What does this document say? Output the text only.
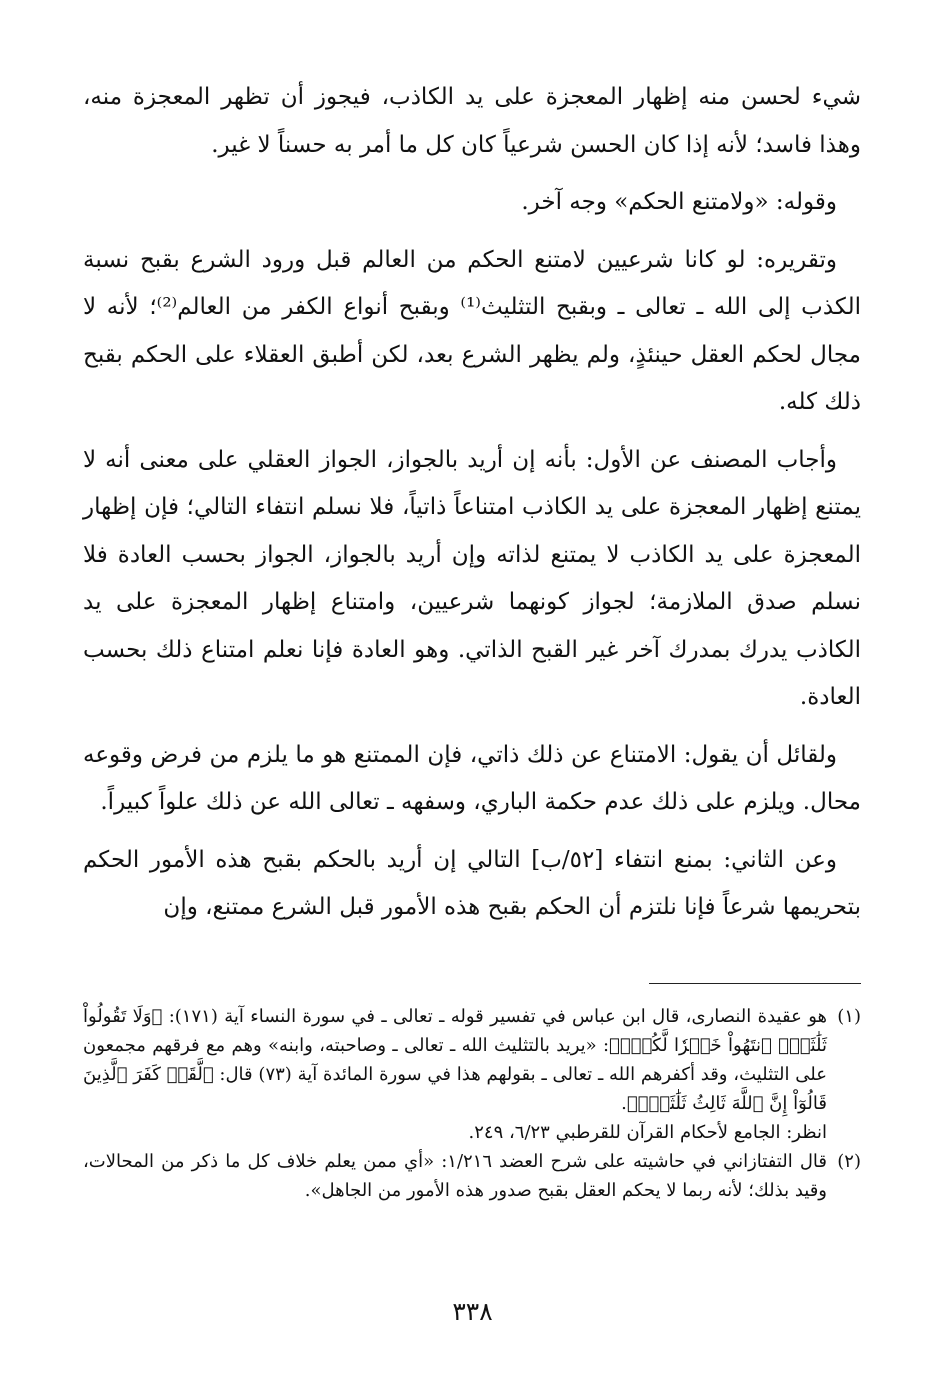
شيء لحسن منه إظهار المعجزة على يد الكاذب، فيجوز أن تظهر المعجزة منه، وهذا فاسد؛ لأنه إذا كان الحسن شرعياً كان كل ما أمر به حسناً لا غير.

وقوله: «ولامتنع الحكم» وجه آخر.

وتقريره: لو كانا شرعيين لامتنع الحكم من العالم قبل ورود الشرع بقبح نسبة الكذب إلى الله ـ تعالى ـ وبقبح التثليث⁽¹⁾ وبقبح أنواع الكفر من العالم⁽²⁾؛ لأنه لا مجال لحكم العقل حينئذٍ، ولم يظهر الشرع بعد، لكن أطبق العقلاء على الحكم بقبح ذلك كله.

وأجاب المصنف عن الأول: بأنه إن أريد بالجواز، الجواز العقلي على معنى أنه لا يمتنع إظهار المعجزة على يد الكاذب امتناعاً ذاتياً، فلا نسلم انتفاء التالي؛ فإن إظهار المعجزة على يد الكاذب لا يمتنع لذاته وإن أريد بالجواز، الجواز بحسب العادة فلا نسلم صدق الملازمة؛ لجواز كونهما شرعيين، وامتناع إظهار المعجزة على يد الكاذب يدرك بمدرك آخر غير القبح الذاتي. وهو العادة فإنا نعلم امتناع ذلك بحسب العادة.

ولقائل أن يقول: الامتناع عن ذلك ذاتي، فإن الممتنع هو ما يلزم من فرض وقوعه محال. ويلزم على ذلك عدم حكمة الباري، وسفهه ـ تعالى الله عن ذلك علواً كبيراً.

وعن الثاني: بمنع انتفاء [٥٢/ب] التالي إن أريد بالحكم بقبح هذه الأمور الحكم بتحريمها شرعاً فإنا نلتزم أن الحكم بقبح هذه الأمور قبل الشرع ممتنع، وإن

(١)
هو عقيدة النصارى، قال ابن عباس في تفسير قوله ـ تعالى ـ في سورة النساء آية (١٧١): ﴿وَلَا تَقُولُواْ ثَلَٰثَةٌۚ ٱنتَهُواْ خَيۡرٗا لَّكُمۡۚ﴾: «يريد بالتثليث الله ـ تعالى ـ وصاحبته، وابنه» وهم مع فرقهم مجمعون على التثليث، وقد أكفرهم الله ـ تعالى ـ بقولهم هذا في سورة المائدة آية (٧٣) قال: ﴿لَّقَدۡ كَفَرَ ٱلَّذِينَ قَالُوٓاْ إِنَّ ٱللَّهَ ثَالِثُ ثَلَٰثَةٖۘ﴾.
انظر: الجامع لأحكام القرآن للقرطبي ٦/٢٣، ٢٤٩.
(٢)
قال التفتازاني في حاشيته على شرح العضد ١/٢١٦: «أي ممن يعلم خلاف كل ما ذكر من المحالات، وقيد بذلك؛ لأنه ربما لا يحكم العقل بقبح صدور هذه الأمور من الجاهل».
٣٣٨
